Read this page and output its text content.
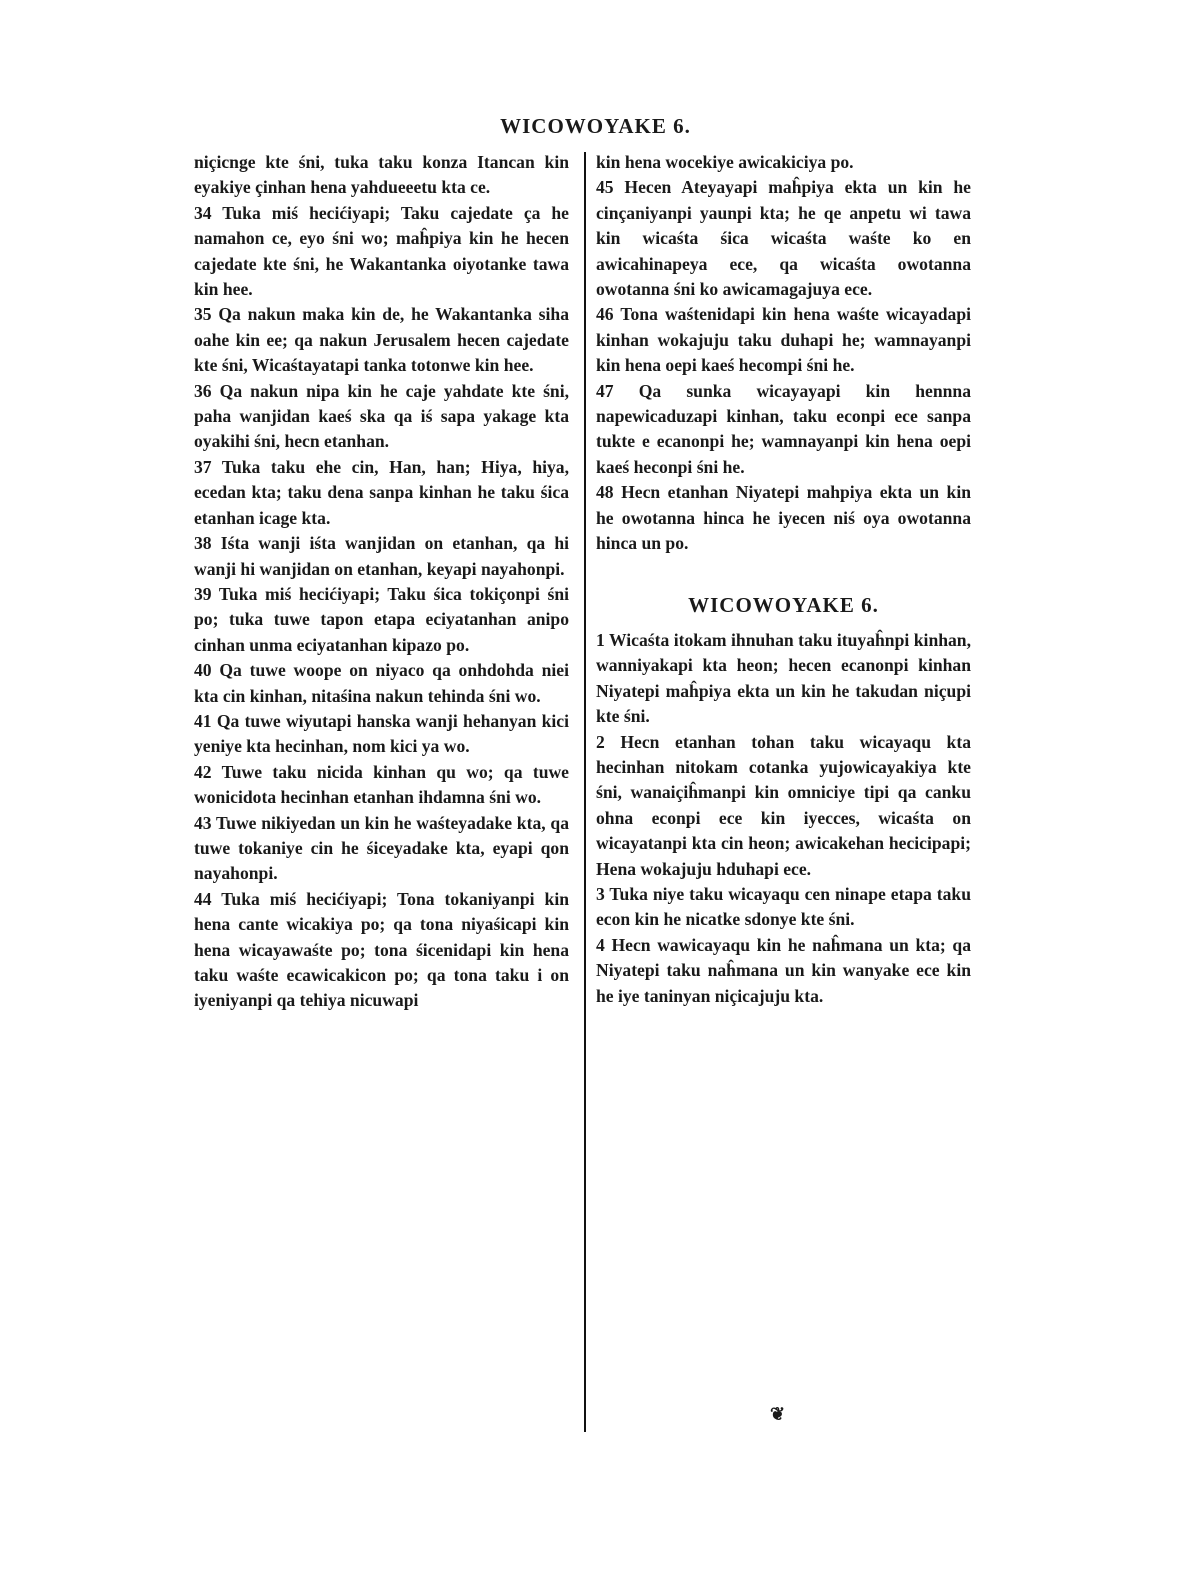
WICOWOYAKE 6.

niçicnge kte śni, tuka taku konza Itancan kin eyakiye çinhan hena yahdueeetu kta ce.

34 Tuka miś hecićiyapi; Taku cajedate ça he namahon ce, eyo śni wo; maĥpiya kin he hecen cajedate kte śni, he Wakantanka oiyotanke tawa kin hee.

35 Qa nakun maka kin de, he Wakantanka siha oahe kin ee; qa nakun Jerusalem hecen cajedate kte śni, Wicaśtayatapi tanka totonwe kin hee.

36 Qa nakun nipa kin he caje yahdate kte śni, paha wanjidan kaeś ska qa iś sapa yakage kta oyakihi śni, hecn etanhan.

37 Tuka taku ehe cin, Han, han; Hiya, hiya, ecedan kta; taku dena sanpa kinhan he taku śica etanhan icage kta.

38 Iśta wanji iśta wanjidan on etanhan, qa hi wanji hi wanjidan on etanhan, keyapi nayahonpi.

39 Tuka miś hecićiyapi; Taku śica tokiçonpi śni po; tuka tuwe tapon etapa eciyatanhan anipo cinhan unma eciyatanhan kipazo po.

40 Qa tuwe woope on niyaco qa onhdohda niei kta cin kinhan, nitaśina nakun tehinda śni wo.

41 Qa tuwe wiyutapi hanska wanji hehanyan kici yeniye kta hecinhan, nom kici ya wo.

42 Tuwe taku nicida kinhan qu wo; qa tuwe wonicidota hecinhan etanhan ihdamna śni wo.

43 Tuwe nikiyedan un kin he waśteyadake kta, qa tuwe tokaniye cin he śiceyadake kta, eyapi qon nayahonpi.

44 Tuka miś hecićiyapi; Tona tokaniyanpi kin hena cante wicakiya po; qa tona niyaśicapi kin hena wicayawaśte po; tona śicenidapi kin hena taku waśte ecawicakicon po; qa tona taku i on iyeniyanpi qa tehiya nicuwapi

kin hena wocekiye awicakiciya po.

45 Hecen Ateyayapi maĥpiya ekta un kin he cinçaniyanpi yaunpi kta; he qe anpetu wi tawa kin wicaśta śica wicaśta waśte ko en awicahinapeya ece, qa wicaśta owotanna owotanna śni ko awicamagajuya ece.

46 Tona waśtenidapi kin hena waśte wicayadapi kinhan wokajuju taku duhapi he; wamnayanpi kin hena oepi kaeś hecompi śni he.

47 Qa sunka wicayayapi kin hennna napewicaduzapi kinhan, taku econpi ece sanpa tukte e ecanonpi he; wamnayanpi kin hena oepi kaeś heconpi śni he.

48 Hecn etanhan Niyatepi mahpiya ekta un kin he owotanna hinca he iyecen niś oya owotanna hinca un po.

WICOWOYAKE 6.

1 Wicaśta itokam ihnuhan taku ituyaĥnpi kinhan, wanniyakapi kta heon; hecen ecanonpi kinhan Niyatepi maĥpiya ekta un kin he takudan niçupi kte śni.

2 Hecn etanhan tohan taku wicayaqu kta hecinhan nitokam cotanka yujowicayakiya kte śni, wanaiçiĥmanpi kin omniciye tipi qa canku ohna econpi ece kin iyecces, wicaśta on wicayatanpi kta cin heon; awicakehan hecicipapi; Hena wokajuju hduhapi ece.

3 Tuka niye taku wicayaqu cen ninape etapa taku econ kin he nicatke sdonye kte śni.

4 Hecn wawicayaqu kin he naĥmana un kta; qa Niyatepi taku naĥmana un kin wanyake ece kin he iye taninyan niçicajuju kta.

❦
